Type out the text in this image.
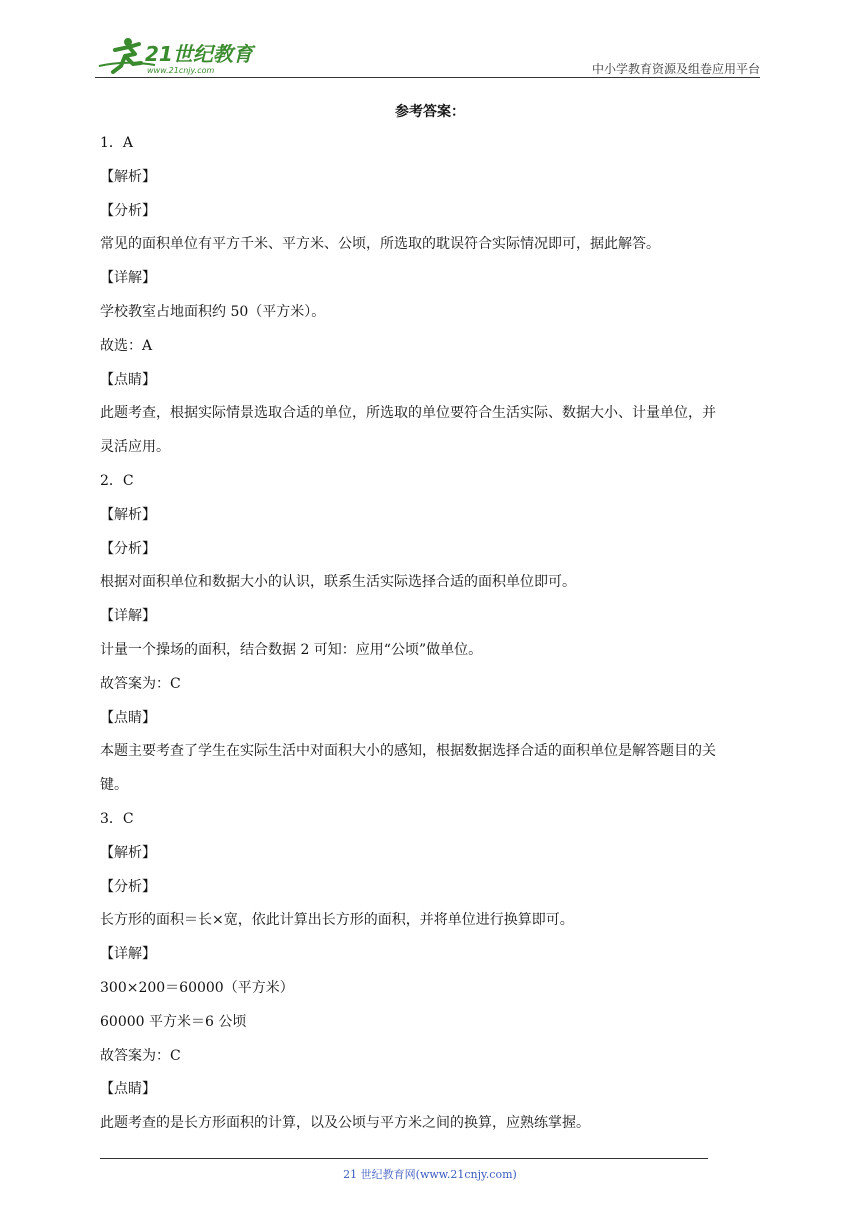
21世纪教育
www.21cnjy.com	中小学教育资源及组卷应用平台
参考答案：
1．A
【解析】
【分析】
常见的面积单位有平方千米、平方米、公顷，所选取的耽误符合实际情况即可，据此解答。
【详解】
学校教室占地面积约 50（平方米）。
故选：A
【点睛】
此题考查，根据实际情景选取合适的单位，所选取的单位要符合生活实际、数据大小、计量单位，并
灵活应用。
2．C
【解析】
【分析】
根据对面积单位和数据大小的认识，联系生活实际选择合适的面积单位即可。
【详解】
计量一个操场的面积，结合数据 2 可知：应用“公顷”做单位。
故答案为：C
【点睛】
本题主要考查了学生在实际生活中对面积大小的感知，根据数据选择合适的面积单位是解答题目的关
键。
3．C
【解析】
【分析】
长方形的面积＝长×宽，依此计算出长方形的面积，并将单位进行换算即可。
【详解】
300×200＝60000（平方米）
60000 平方米＝6 公顷
故答案为：C
【点睛】
此题考查的是长方形面积的计算，以及公顷与平方米之间的换算，应熟练掌握。
21 世纪教育网(www.21cnjy.com)
